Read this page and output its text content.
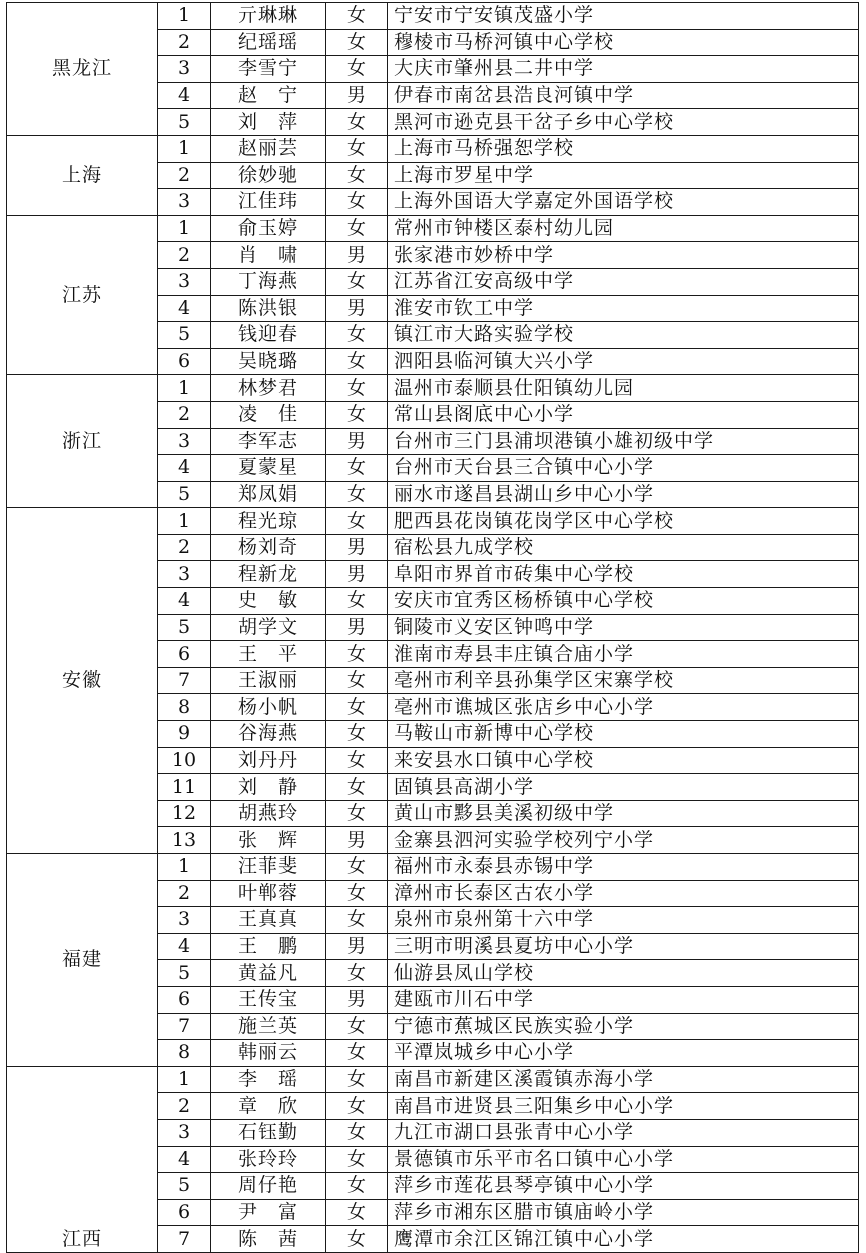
黑龙江	1	亓琳琳	女	宁安市宁安镇茂盛小学
	2	纪瑶瑶	女	穆棱市马桥河镇中心学校
	3	李雪宁	女	大庆市肇州县二井中学
	4	赵　宁	男	伊春市南岔县浩良河镇中学
	5	刘　萍	女	黑河市逊克县干岔子乡中心学校
上海	1	赵丽芸	女	上海市马桥强恕学校
	2	徐妙驰	女	上海市罗星中学
	3	江佳玮	女	上海外国语大学嘉定外国语学校
江苏	1	俞玉婷	女	常州市钟楼区泰村幼儿园
	2	肖　啸	男	张家港市妙桥中学
	3	丁海燕	女	江苏省江安高级中学
	4	陈洪银	男	淮安市钦工中学
	5	钱迎春	女	镇江市大路实验学校
	6	吴晓璐	女	泗阳县临河镇大兴小学
浙江	1	林梦君	女	温州市泰顺县仕阳镇幼儿园
	2	凌　佳	女	常山县阁底中心小学
	3	李军志	男	台州市三门县浦坝港镇小雄初级中学
	4	夏蒙星	女	台州市天台县三合镇中心小学
	5	郑凤娟	女	丽水市遂昌县湖山乡中心小学
安徽	1	程光琼	女	肥西县花岗镇花岗学区中心学校
	2	杨刘奇	男	宿松县九成学校
	3	程新龙	男	阜阳市界首市砖集中心学校
	4	史　敏	女	安庆市宜秀区杨桥镇中心学校
	5	胡学文	男	铜陵市义安区钟鸣中学
	6	王　平	女	淮南市寿县丰庄镇合庙小学
	7	王淑丽	女	亳州市利辛县孙集学区宋寨学校
	8	杨小帆	女	亳州市谯城区张店乡中心小学
	9	谷海燕	女	马鞍山市新博中心学校
	10	刘丹丹	女	来安县水口镇中心学校
	11	刘　静	女	固镇县高湖小学
	12	胡燕玲	女	黄山市黟县美溪初级中学
	13	张　辉	男	金寨县泗河实验学校列宁小学
福建	1	汪菲斐	女	福州市永泰县赤锡中学
	2	叶郸蓉	女	漳州市长泰区古农小学
	3	王真真	女	泉州市泉州第十六中学
	4	王　鹏	男	三明市明溪县夏坊中心小学
	5	黄益凡	女	仙游县凤山学校
	6	王传宝	男	建瓯市川石中学
	7	施兰英	女	宁德市蕉城区民族实验小学
	8	韩丽云	女	平潭岚城乡中心小学
江西	1	李　瑶	女	南昌市新建区溪霞镇赤海小学
	2	章　欣	女	南昌市进贤县三阳集乡中心小学
	3	石钰勤	女	九江市湖口县张青中心小学
	4	张玲玲	女	景德镇市乐平市名口镇中心小学
	5	周仔艳	女	萍乡市莲花县琴亭镇中心小学
	6	尹　富	女	萍乡市湘东区腊市镇庙岭小学
	7	陈　茜	女	鹰潭市余江区锦江镇中心小学
